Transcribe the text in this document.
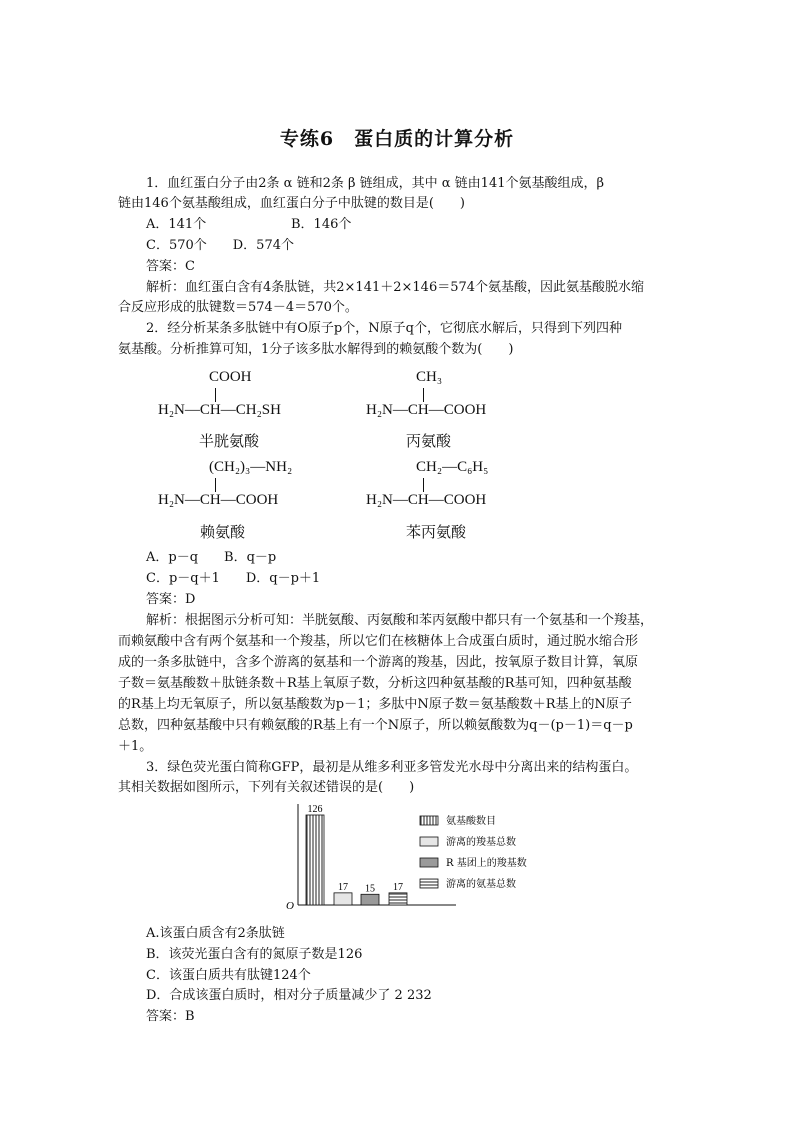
专练6　蛋白质的计算分析
1．血红蛋白分子由2条 α 链和2条 β 链组成，其中 α 链由141个氨基酸组成，β
链由146个氨基酸组成，血红蛋白分子中肽键的数目是(　　)
A．141个	B．146个
C．570个　　D．574个
答案：C
解析：血红蛋白含有4条肽链，共2×141＋2×146＝574个氨基酸，因此氨基酸脱水缩
合反应形成的肽键数＝574－4＝570个。
2．经分析某条多肽链中有O原子p个，N原子q个，它彻底水解后，只得到下列四种
氨基酸。分析推算可知，1分子该多肽水解得到的赖氨酸个数为(　　)
COOH
H₂N—CH—CH₂SH
半胱氨酸
CH₃
H₂N—CH—COOH
丙氨酸
(CH₂)₃—NH₂
H₂N—CH—COOH
赖氨酸
CH₂—C₆H₅
H₂N—CH—COOH
苯丙氨酸
A．p－q　　B．q－p
C．p－q＋1　　D．q－p＋1
答案：D
解析：根据图示分析可知：半胱氨酸、丙氨酸和苯丙氨酸中都只有一个氨基和一个羧基，
而赖氨酸中含有两个氨基和一个羧基，所以它们在核糖体上合成蛋白质时，通过脱水缩合形
成的一条多肽链中，含多个游离的氨基和一个游离的羧基，因此，按氧原子数目计算，氧原
子数＝氨基酸数＋肽链条数＋R基上氧原子数，分析这四种氨基酸的R基可知，四种氨基酸
的R基上均无氧原子，所以氨基酸数为p－1；多肽中N原子数＝氨基酸数＋R基上的N原子
总数，四种氨基酸中只有赖氨酸的R基上有一个N原子，所以赖氨酸数为q－(p－1)＝q－p
＋1。
3．绿色荧光蛋白简称GFP，最初是从维多利亚多管发光水母中分离出来的结构蛋白。
其相关数据如图所示，下列有关叙述错误的是(　　)
O
126
17 15 17
氨基酸数目
游离的羧基总数
R 基团上的羧基数
游离的氨基总数
A.该蛋白质含有2条肽链
B．该荧光蛋白含有的氮原子数是126
C．该蛋白质共有肽键124个
D．合成该蛋白质时，相对分子质量减少了 2 232
答案：B
